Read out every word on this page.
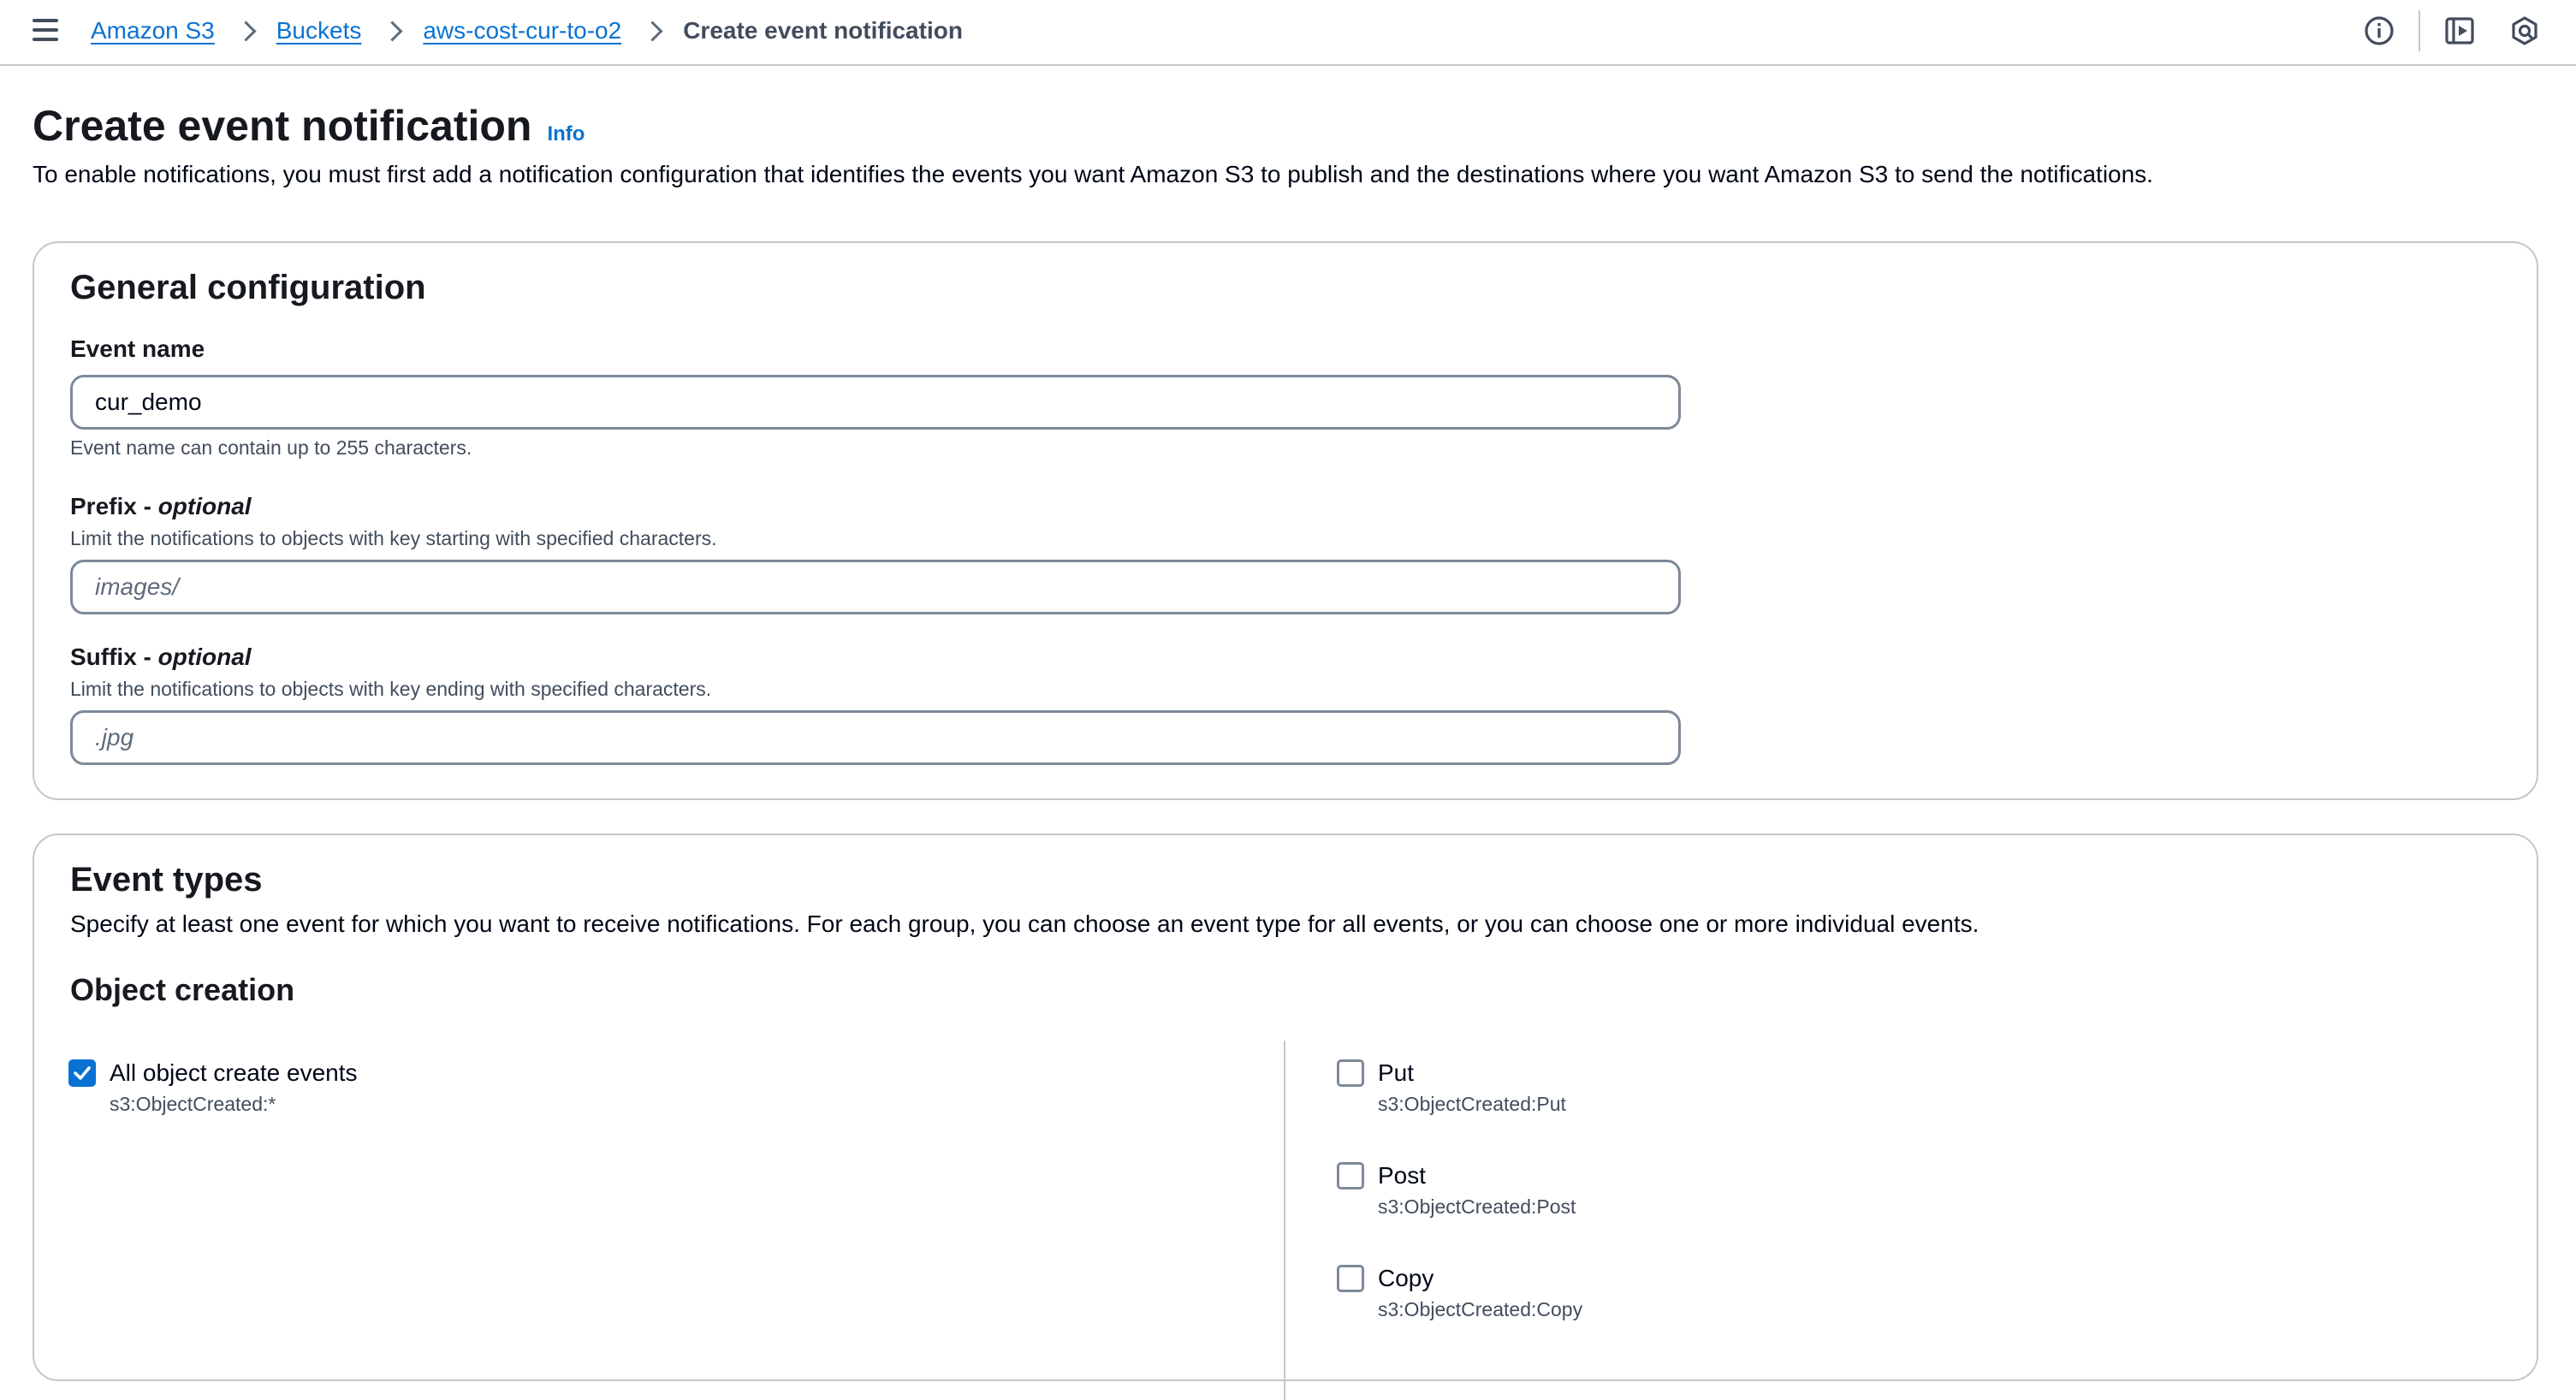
Amazon S3	Buckets	aws-cost-cur-to-o2	Create event notification
Create event notification Info

To enable notifications, you must first add a notification configuration that identifies the events you want Amazon S3 to publish and the destinations where you want Amazon S3 to send the notifications.

General configuration
Event name
cur_demo
Event name can contain up to 255 characters.
Prefix - optional
Limit the notifications to objects with key starting with specified characters.
images/
Suffix - optional
Limit the notifications to objects with key ending with specified characters.
.jpg
Event types
Specify at least one event for which you want to receive notifications. For each group, you can choose an event type for all events, or you can choose one or more individual events.
Object creation
All object create events
s3:ObjectCreated:*
Put
s3:ObjectCreated:Put
Post
s3:ObjectCreated:Post
Copy
s3:ObjectCreated:Copy
